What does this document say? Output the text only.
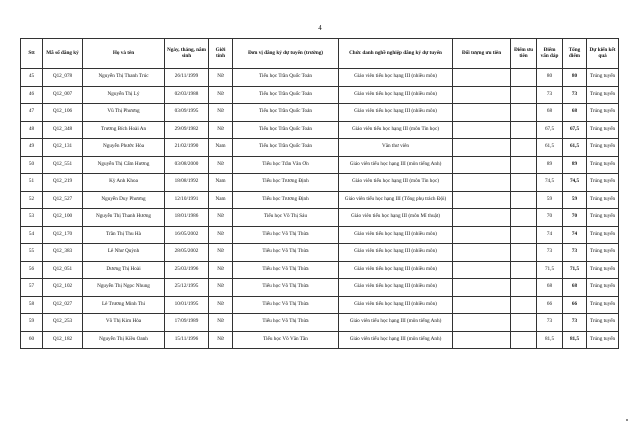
4
Stt	Mã số đăng ký	Họ và tên	Ngày, tháng, năm sinh	Giới tính	Đơn vị đăng ký dự tuyển (trường)	Chức danh nghề nghiệp đăng ký dự tuyển	Đối tượng ưu tiên	Điểm ưu tiên	Điểm vấn đáp	Tổng điểm	Dự kiến kết quả
45	Q12_078	Nguyễn Thị Thanh Trúc	26/11/1999	Nữ	Tiểu học Trần Quốc Toản	Giáo viên tiểu học hạng III (nhiều môn)			80	80	Trúng tuyển
46	Q12_007	Nguyễn Thị Lý	02/03/1988	Nữ	Tiểu học Trần Quốc Toản	Giáo viên tiểu học hạng III (nhiều môn)			73	73	Trúng tuyển
47	Q12_106	Vũ Thị Phương	03/09/1995	Nữ	Tiểu học Trần Quốc Toản	Giáo viên tiểu học hạng III (nhiều môn)			68	68	Trúng tuyển
48	Q12_348	Trương Bích Hoài An	29/09/1982	Nữ	Tiểu học Trần Quốc Toản	Giáo viên tiểu học hạng III (môn Tin học)			67,5	67,5	Trúng tuyển
49	Q12_131	Nguyễn Phước Hòa	21/02/1990	Nam	Tiểu học Trần Quốc Toản	Văn thư viên			61,5	61,5	Trúng tuyển
50	Q12_551	Nguyễn Thị Cẩm Hương	03/08/2000	Nữ	Tiểu học Trần Văn Ơn	Giáo viên tiểu học hạng III (môn tiếng Anh)			89	89	Trúng tuyển
51	Q12_219	Kỳ Anh Khoa	18/08/1992	Nam	Tiểu học Trương Định	Giáo viên tiểu học hạng III (môn Tin học)			74,5	74,5	Trúng tuyển
52	Q12_527	Nguyễn Duy Phương	12/10/1991	Nam	Tiểu học Trương Định	Giáo viên tiểu học hạng III (Tổng phụ trách Đội)			59	59	Trúng tuyển
53	Q12_100	Nguyễn Thị Thanh Hương	18/01/1986	Nữ	Tiểu học Võ Thị Sáu	Giáo viên tiểu học hạng III (môn Mĩ thuật)			70	70	Trúng tuyển
54	Q12_170	Trần Thị Thu Hà	16/05/2002	Nữ	Tiểu học Võ Thị Thừa	Giáo viên tiểu học hạng III (nhiều môn)			74	74	Trúng tuyển
55	Q12_383	Lê Như Quỳnh	28/05/2002	Nữ	Tiểu học Võ Thị Thừa	Giáo viên tiểu học hạng III (nhiều môn)			73	73	Trúng tuyển
56	Q12_051	Dương Thị Hoài	25/03/1996	Nữ	Tiểu học Võ Thị Thừa	Giáo viên tiểu học hạng III (nhiều môn)			71,5	71,5	Trúng tuyển
57	Q12_102	Nguyễn Thị Ngọc Nhung	25/12/1995	Nữ	Tiểu học Võ Thị Thừa	Giáo viên tiểu học hạng III (nhiều môn)			68	68	Trúng tuyển
58	Q12_027	Lê Trương Minh Thi	10/01/1995	Nữ	Tiểu học Võ Thị Thừa	Giáo viên tiểu học hạng III (nhiều môn)			66	66	Trúng tuyển
59	Q12_253	Võ Thị Kim Hòa	17/09/1989	Nữ	Tiểu học Võ Thị Thừa	Giáo viên tiểu học hạng III (môn tiếng Anh)			73	73	Trúng tuyển
60	Q12_182	Nguyễn Thị Kiều Oanh	15/11/1996	Nữ	Tiểu học Võ Văn Tần	Giáo viên tiểu học hạng III (môn tiếng Anh)			81,5	81,5	Trúng tuyển
